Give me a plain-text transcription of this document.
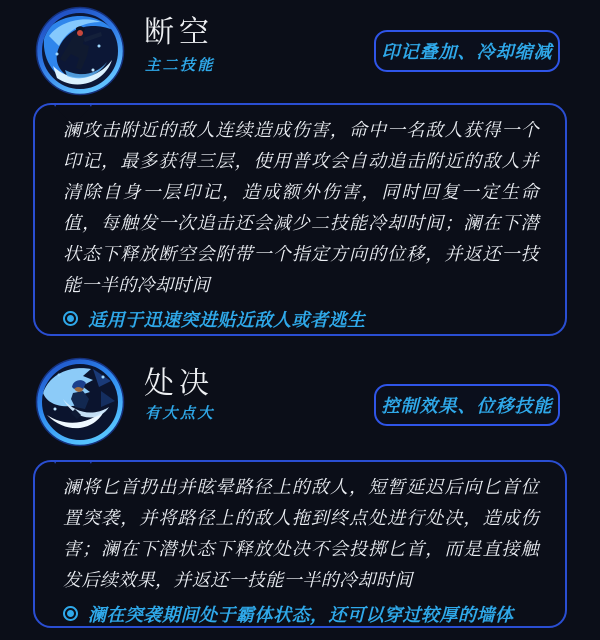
断空
主二技能
印记叠加、冷却缩减
澜攻击附近的敌人连续造成伤害，命中一名敌人获得一个印记，最多获得三层，使用普攻会自动追击附近的敌人并清除自身一层印记，造成额外伤害，同时回复一定生命值，每触发一次追击还会减少二技能冷却时间；澜在下潜状态下释放断空会附带一个指定方向的位移，并返还一技能一半的冷却时间
适用于迅速突进贴近敌人或者逃生
处决
有大点大	控制效果、位移技能
澜将匕首扔出并眩晕路径上的敌人，短暂延迟后向匕首位置突袭，并将路径上的敌人拖到终点处进行处决，造成伤害；澜在下潜状态下释放处决不会投掷匕首，而是直接触发后续效果，并返还一技能一半的冷却时间
澜在突袭期间处于霸体状态，还可以穿过较厚的墙体
